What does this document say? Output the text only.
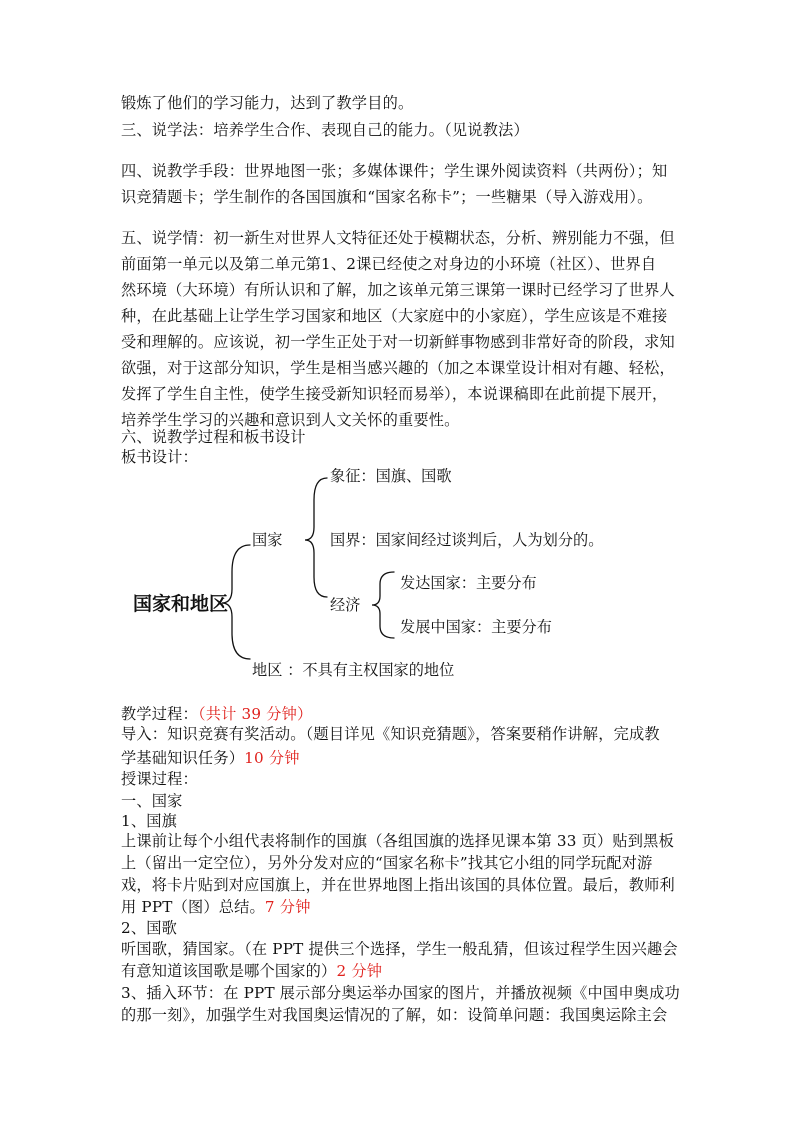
锻炼了他们的学习能力，达到了教学目的。
三、说学法：培养学生合作、表现自己的能力。（见说教法）
四、说教学手段：世界地图一张；多媒体课件；学生课外阅读资料（共两份）；知
识竞猜题卡；学生制作的各国国旗和“国家名称卡”；一些糖果（导入游戏用）。
五、说学情：初一新生对世界人文特征还处于模糊状态，分析、辨别能力不强，但
前面第一单元以及第二单元第1、2课已经使之对身边的小环境（社区）、世界自
然环境（大环境）有所认识和了解，加之该单元第三课第一课时已经学习了世界人
种，在此基础上让学生学习国家和地区（大家庭中的小家庭），学生应该是不难接
受和理解的。应该说，初一学生正处于对一切新鲜事物感到非常好奇的阶段，求知
欲强，对于这部分知识，学生是相当感兴趣的（加之本课堂设计相对有趣、轻松，
发挥了学生自主性，使学生接受新知识轻而易举），本说课稿即在此前提下展开，
培养学生学习的兴趣和意识到人文关怀的重要性。
六、说教学过程和板书设计
板书设计：
国家和地区
国家
象征：国旗、国歌
国界：国家间经过谈判后，人为划分的。
经济
发达国家：主要分布
发展中国家：主要分布
地区 ：不具有主权国家的地位
教学过程：（共计 39 分钟）
导入：知识竞赛有奖活动。（题目详见《知识竞猜题》，答案要稍作讲解，完成教
学基础知识任务）10 分钟
授课过程：
一、国家
1、国旗
上课前让每个小组代表将制作的国旗（各组国旗的选择见课本第 33 页）贴到黑板
上（留出一定空位），另外分发对应的“国家名称卡”找其它小组的同学玩配对游
戏，将卡片贴到对应国旗上，并在世界地图上指出该国的具体位置。最后，教师利
用 PPT（图）总结。7 分钟
2、国歌
听国歌，猜国家。（在 PPT 提供三个选择，学生一般乱猜，但该过程学生因兴趣会
有意知道该国歌是哪个国家的）2 分钟
3、插入环节：在 PPT 展示部分奥运举办国家的图片，并播放视频《中国申奥成功
的那一刻》，加强学生对我国奥运情况的了解，如：设简单问题：我国奥运除主会
